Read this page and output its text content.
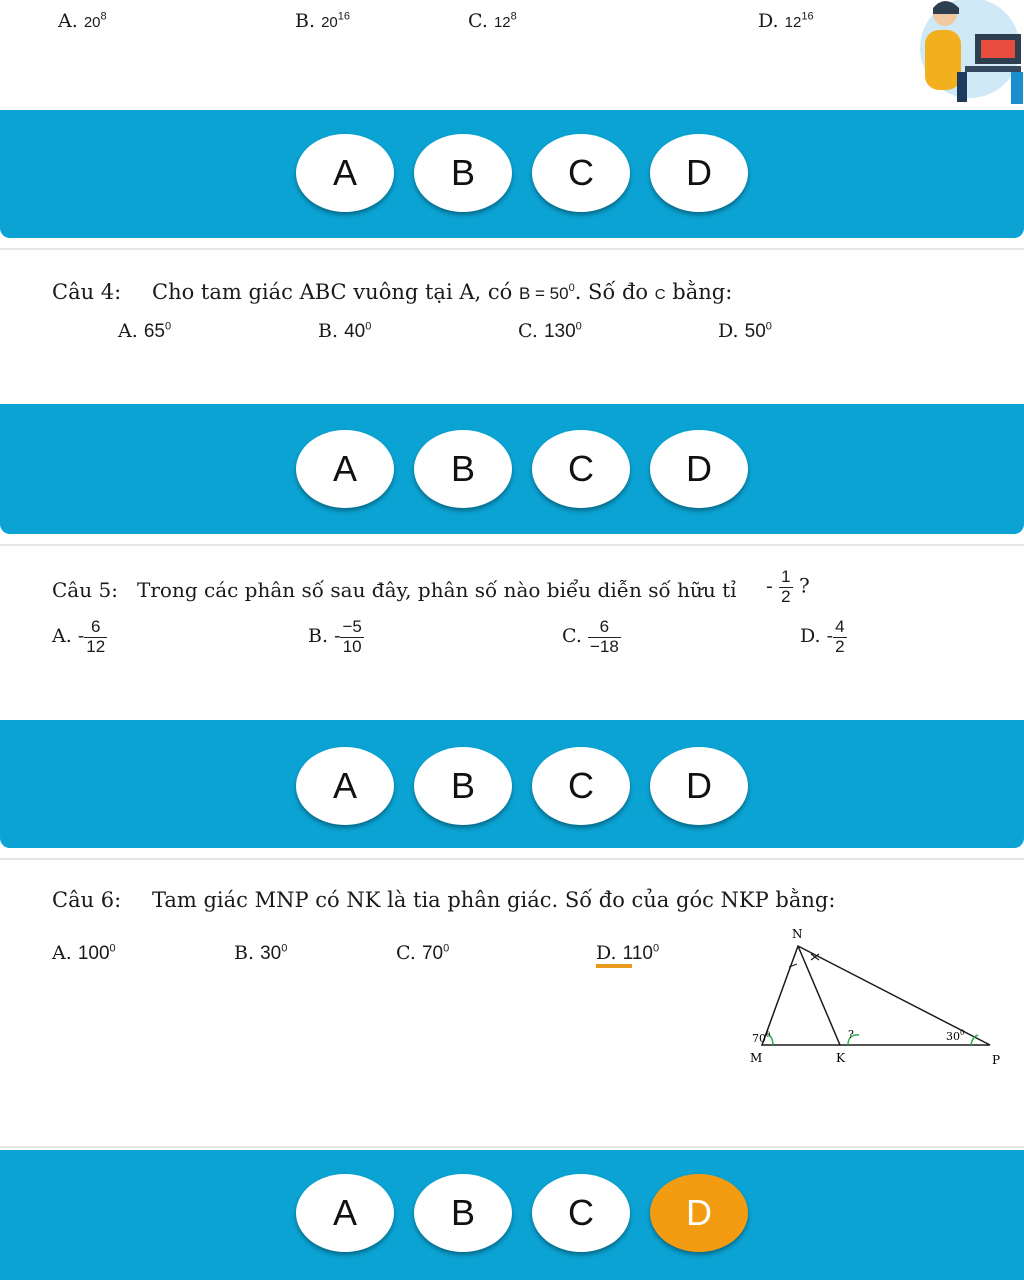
A. $20^8$	B. $20^{16}$	C. $12^8$	D. $12^{16}$
A	B	C	D
Câu 4: Cho tam giác ABC vuông tại A, có $B = 50^0$. Số đo C bằng:
A. $65^0$	B. $40^0$	C. $130^0$	D. $50^0$
A	B	C	D
Câu 5: Trong các phân số sau đây, phân số nào biểu diễn số hữu tỉ - $\frac{1}{2}$ ?
A. - $\frac{6}{12}$	B. - $\frac{-5}{10}$	C. $\frac{6}{-18}$	D. - $\frac{4}{2}$
A	B	C	D
Câu 6: Tam giác MNP có NK là tia phân giác. Số đo của góc NKP bằng:
A. $100^0$	B. $30^0$	C. $70^0$	D. $110^0$
N
M	K	P
$70^0$	?	$30^0$
A	B	C	D
